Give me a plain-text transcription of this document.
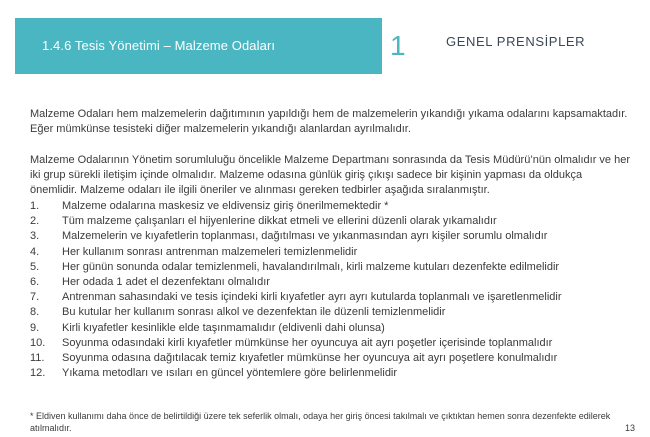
1.4.6 Tesis Yönetimi – Malzeme Odaları	1	GENEL PRENSİPLER

Malzeme Odaları hem malzemelerin dağıtımının yapıldığı hem de malzemelerin yıkandığı yıkama odalarını kapsamaktadır. Eğer mümkünse tesisteki diğer malzemelerin yıkandığı alanlardan ayrılmalıdır.

Malzeme Odalarının Yönetim sorumluluğu öncelikle Malzeme Departmanı sonrasında da Tesis Müdürü’nün olmalıdır ve her iki grup sürekli iletişim içinde olmalıdır. Malzeme odasına günlük giriş çıkışı sadece bir kişinin yapması da oldukça önemlidir. Malzeme odaları ile ilgili öneriler ve alınması gereken tedbirler aşağıda sıralanmıştır.

1.	Malzeme odalarına maskesiz ve eldivensiz giriş önerilmemektedir *
2.	Tüm malzeme çalışanları el hijyenlerine dikkat etmeli ve ellerini düzenli olarak yıkamalıdır
3.	Malzemelerin ve kıyafetlerin toplanması, dağıtılması ve yıkanmasından ayrı kişiler sorumlu olmalıdır
4.	Her kullanım sonrası antrenman malzemeleri temizlenmelidir
5.	Her günün sonunda odalar temizlenmeli, havalandırılmalı, kirli malzeme kutuları dezenfekte edilmelidir
6.	Her odada 1 adet el dezenfektanı olmalıdır
7.	Antrenman sahasındaki ve tesis içindeki kirli kıyafetler ayrı ayrı kutularda toplanmalı ve işaretlenmelidir
8.	Bu kutular her kullanım sonrası alkol ve dezenfektan ile düzenli temizlenmelidir
9.	Kirli kıyafetler kesinlikle elde taşınmamalıdır (eldivenli dahi olunsa)
10.	Soyunma odasındaki kirli kıyafetler mümkünse her oyuncuya ait ayrı poşetler içerisinde toplanmalıdır
11.	Soyunma odasına dağıtılacak temiz kıyafetler mümkünse her oyuncuya ait ayrı poşetlere konulmalıdır
12.	Yıkama metodları ve ısıları en güncel yöntemlere göre belirlenmelidir

* Eldiven kullanımı daha önce de belirtildiği üzere tek seferlik olmalı, odaya her giriş öncesi takılmalı ve çıktıktan hemen sonra dezenfekte edilerek atılmalıdır.	13
